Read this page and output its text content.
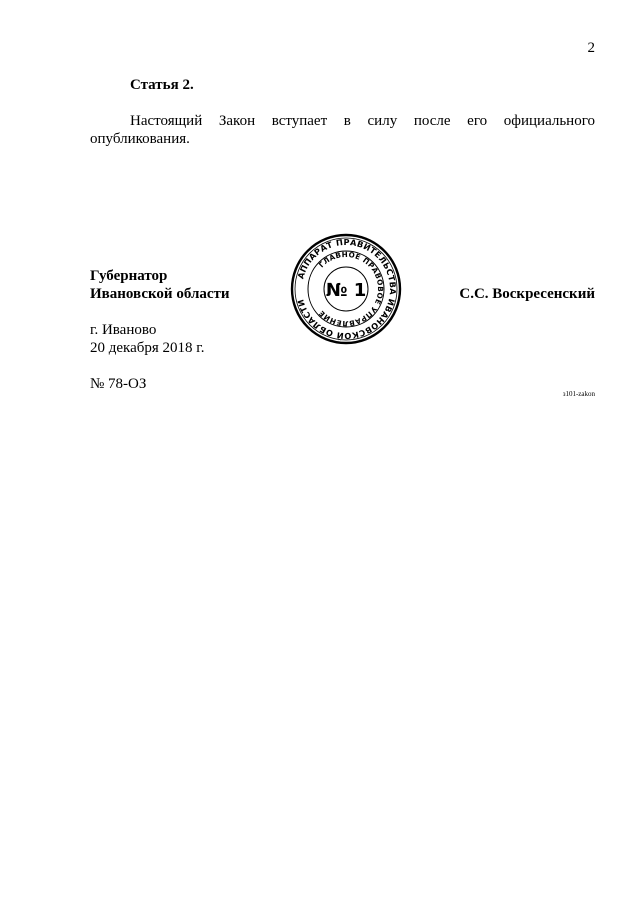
2
Статья 2.
Настоящий Закон вступает в силу после его официального
опубликования.
Губернатор
Ивановской области	С.С. Воскресенский
АППАРАТ ПРАВИТЕЛЬСТВА ИВАНОВСКОЙ ОБЛАСТИ
ГЛАВНОЕ ПРАВОВОЕ УПРАВЛЕНИЕ
№ 1
г. Иваново
20 декабря 2018 г.
№ 78-ОЗ
з101-zakon
